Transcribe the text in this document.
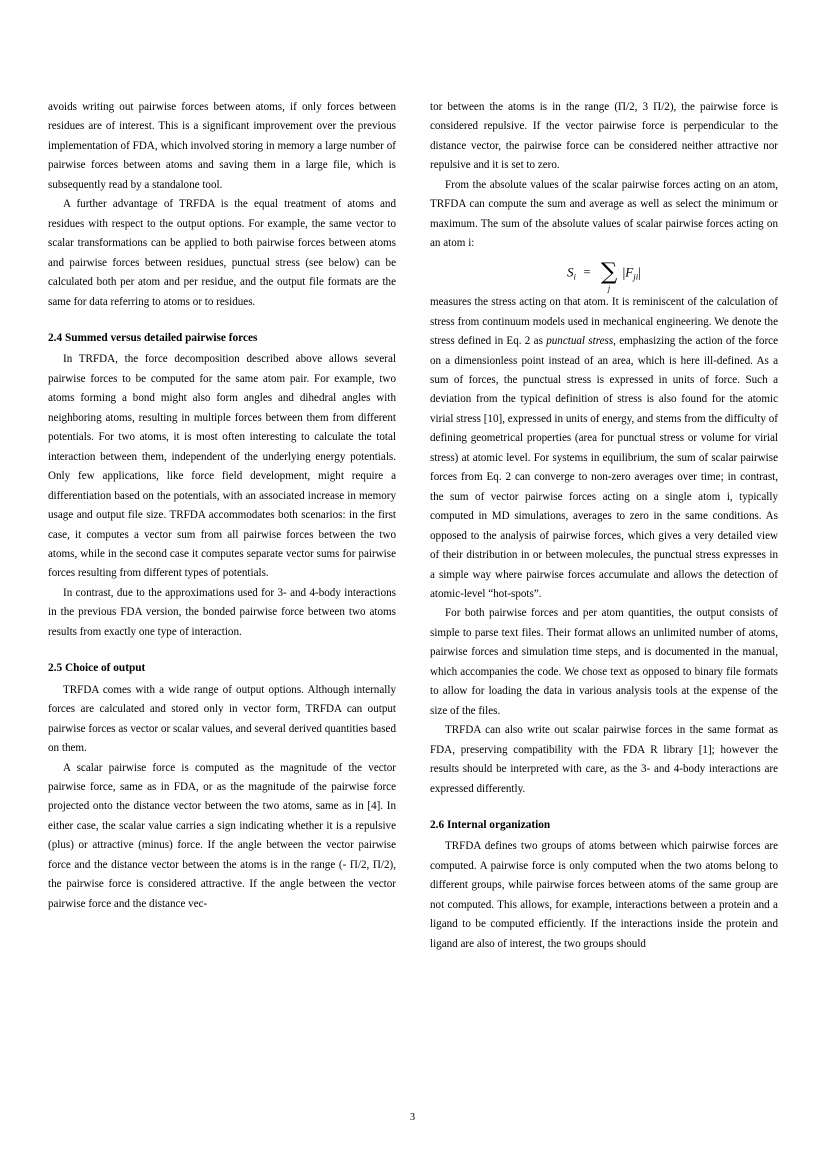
avoids writing out pairwise forces between atoms, if only forces between residues are of interest. This is a significant improvement over the previous implementation of FDA, which involved storing in memory a large number of pairwise forces between atoms and saving them in a large file, which is subsequently read by a standalone tool.

A further advantage of TRFDA is the equal treatment of atoms and residues with respect to the output options. For example, the same vector to scalar transformations can be applied to both pairwise forces between atoms and pairwise forces between residues, punctual stress (see below) can be calculated both per atom and per residue, and the output file formats are the same for data referring to atoms or to residues.

2.4 Summed versus detailed pairwise forces

In TRFDA, the force decomposition described above allows several pairwise forces to be computed for the same atom pair. For example, two atoms forming a bond might also form angles and dihedral angles with neighboring atoms, resulting in multiple forces between them from different potentials. For two atoms, it is most often interesting to calculate the total interaction between them, independent of the underlying energy potentials. Only few applications, like force field development, might require a differentiation based on the potentials, with an associated increase in memory usage and output file size. TRFDA accommodates both scenarios: in the first case, it computes a vector sum from all pairwise forces between the two atoms, while in the second case it computes separate vector sums for pairwise forces resulting from different types of potentials.

In contrast, due to the approximations used for 3- and 4-body interactions in the previous FDA version, the bonded pairwise force between two atoms results from exactly one type of interaction.

2.5 Choice of output

TRFDA comes with a wide range of output options. Although internally forces are calculated and stored only in vector form, TRFDA can output pairwise forces as vector or scalar values, and several derived quantities based on them.

A scalar pairwise force is computed as the magnitude of the vector pairwise force, same as in FDA, or as the magnitude of the pairwise force projected onto the distance vector between the two atoms, same as in [4]. In either case, the scalar value carries a sign indicating whether it is a repulsive (plus) or attractive (minus) force. If the angle between the vector pairwise force and the distance vector between the atoms is in the range (- Π/2, Π/2), the pairwise force is considered attractive. If the angle between the vector pairwise force and the distance vec-

tor between the atoms is in the range (Π/2, 3 Π/2), the pairwise force is considered repulsive. If the vector pairwise force is perpendicular to the distance vector, the pairwise force can be considered neither attractive nor repulsive and it is set to zero.

From the absolute values of the scalar pairwise forces acting on an atom, TRFDA can compute the sum and average as well as select the minimum or maximum. The sum of the absolute values of scalar pairwise forces acting on an atom i:

$S_i$ = ∑
j
$|F_{ji}|$

measures the stress acting on that atom. It is reminiscent of the calculation of stress from continuum models used in mechanical engineering. We denote the stress defined in Eq. 2 as punctual stress, emphasizing the action of the force on a dimensionless point instead of an area, which is here ill-defined. As a sum of forces, the punctual stress is expressed in units of force. Such a deviation from the typical definition of stress is also found for the atomic virial stress [10], expressed in units of energy, and stems from the difficulty of defining geometrical properties (area for punctual stress or volume for virial stress) at atomic level. For systems in equilibrium, the sum of scalar pairwise forces from Eq. 2 can converge to non-zero averages over time; in contrast, the sum of vector pairwise forces acting on a single atom i, typically computed in MD simulations, averages to zero in the same conditions. As opposed to the analysis of pairwise forces, which gives a very detailed view of their distribution in or between molecules, the punctual stress expresses in a simple way where pairwise forces accumulate and allows the detection of atomic-level “hot-spots”.

For both pairwise forces and per atom quantities, the output consists of simple to parse text files. Their format allows an unlimited number of atoms, pairwise forces and simulation time steps, and is documented in the manual, which accompanies the code. We chose text as opposed to binary file formats to allow for loading the data in various analysis tools at the expense of the size of the files.

TRFDA can also write out scalar pairwise forces in the same format as FDA, preserving compatibility with the FDA R library [1]; however the results should be interpreted with care, as the 3- and 4-body interactions are expressed differently.

2.6 Internal organization

TRFDA defines two groups of atoms between which pairwise forces are computed. A pairwise force is only computed when the two atoms belong to different groups, while pairwise forces between atoms of the same group are not computed. This allows, for example, interactions between a protein and a ligand to be computed efficiently. If the interactions inside the protein and ligand are also of interest, the two groups should

3
